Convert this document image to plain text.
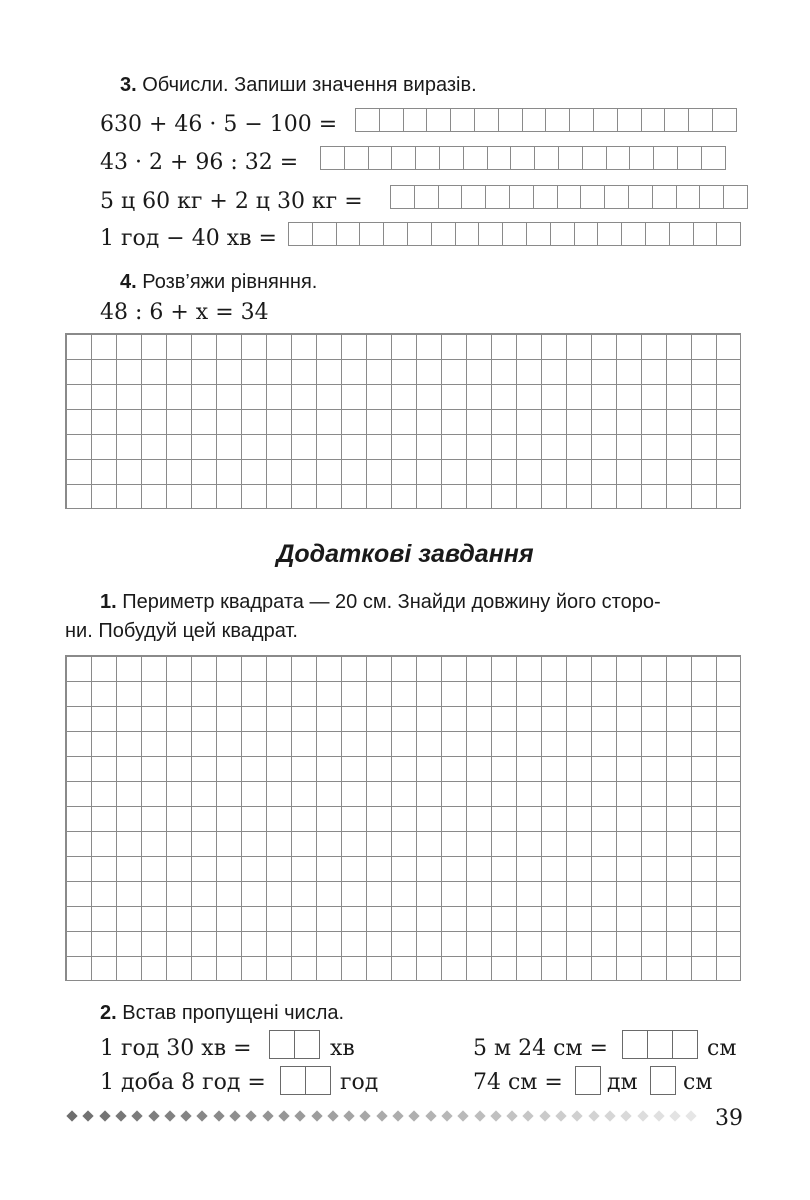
3. Обчисли. Запиши значення виразів.
630 + 46 · 5 − 100 =
43 · 2 + 96 : 32 =
5 ц 60 кг + 2 ц 30 кг =
1 год − 40 хв =
4. Розв’яжи рівняння.
48 : 6 + x = 34
Додаткові завдання
1. Периметр квадрата — 20 см. Знайди довжину його сторо-
ни. Побудуй цей квадрат.
2. Встав пропущені числа.
1 год 30 хв =	хв
1 доба 8 год =	год
5 м 24 см =	см
74 см = дм см
39
